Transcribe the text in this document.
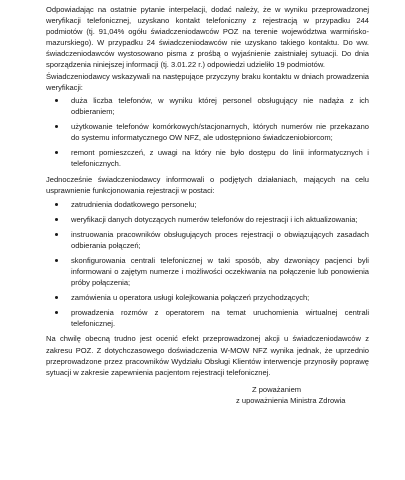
Odpowiadając na ostatnie pytanie interpelacji, dodać należy, że w wyniku przeprowadzonej weryfikacji telefonicznej, uzyskano kontakt telefoniczny z rejestracją w przypadku 244 podmiotów (tj. 91,04% ogółu świadczeniodawców POZ na terenie województwa warmińsko-mazurskiego). W przypadku 24 świadczeniodawców nie uzyskano takiego kontaktu. Do ww. świadczeniodawców wystosowano pisma z prośbą o wyjaśnienie zaistniałej sytuacji. Do dnia sporządzenia niniejszej informacji (tj. 3.01.22 r.) odpowiedzi udzieliło 19 podmiotów.

Świadczeniodawcy wskazywali na następujące przyczyny braku kontaktu w dniach prowadzenia weryfikacji:

duża liczba telefonów, w wyniku której personel obsługujący nie nadąża z ich odbieraniem;
użytkowanie telefonów komórkowych/stacjonarnych, których numerów nie przekazano do systemu informatycznego OW NFZ, ale udostępniono świadczeniobiorcom;
remont pomieszczeń, z uwagi na który nie było dostępu do linii informatycznych i telefonicznych.

Jednocześnie świadczeniodawcy informowali o podjętych działaniach, mających na celu usprawnienie funkcjonowania rejestracji w postaci:

zatrudnienia dodatkowego personelu;
weryfikacji danych dotyczących numerów telefonów do rejestracji i ich aktualizowania;
instruowania pracowników obsługujących proces rejestracji o obwiązujących zasadach odbierania połączeń;
skonfigurowania centrali telefonicznej w taki sposób, aby dzwoniący pacjenci byli informowani o zajętym numerze i możliwości oczekiwania na połączenie lub ponowienia próby połączenia;
zamówienia u operatora usługi kolejkowania połączeń przychodzących;
prowadzenia rozmów z operatorem na temat uruchomienia wirtualnej centrali telefonicznej.

Na chwilę obecną trudno jest ocenić efekt przeprowadzonej akcji u świadczeniodawców z zakresu POZ. Z dotychczasowego doświadczenia W-MOW NFZ wynika jednak, że uprzednio przeprowadzone przez pracowników Wydziału Obsługi Klientów interwencje przynosiły poprawę sytuacji w zakresie zapewnienia pacjentom rejestracji telefonicznej.

Z poważaniem

z upoważnienia Ministra Zdrowia
